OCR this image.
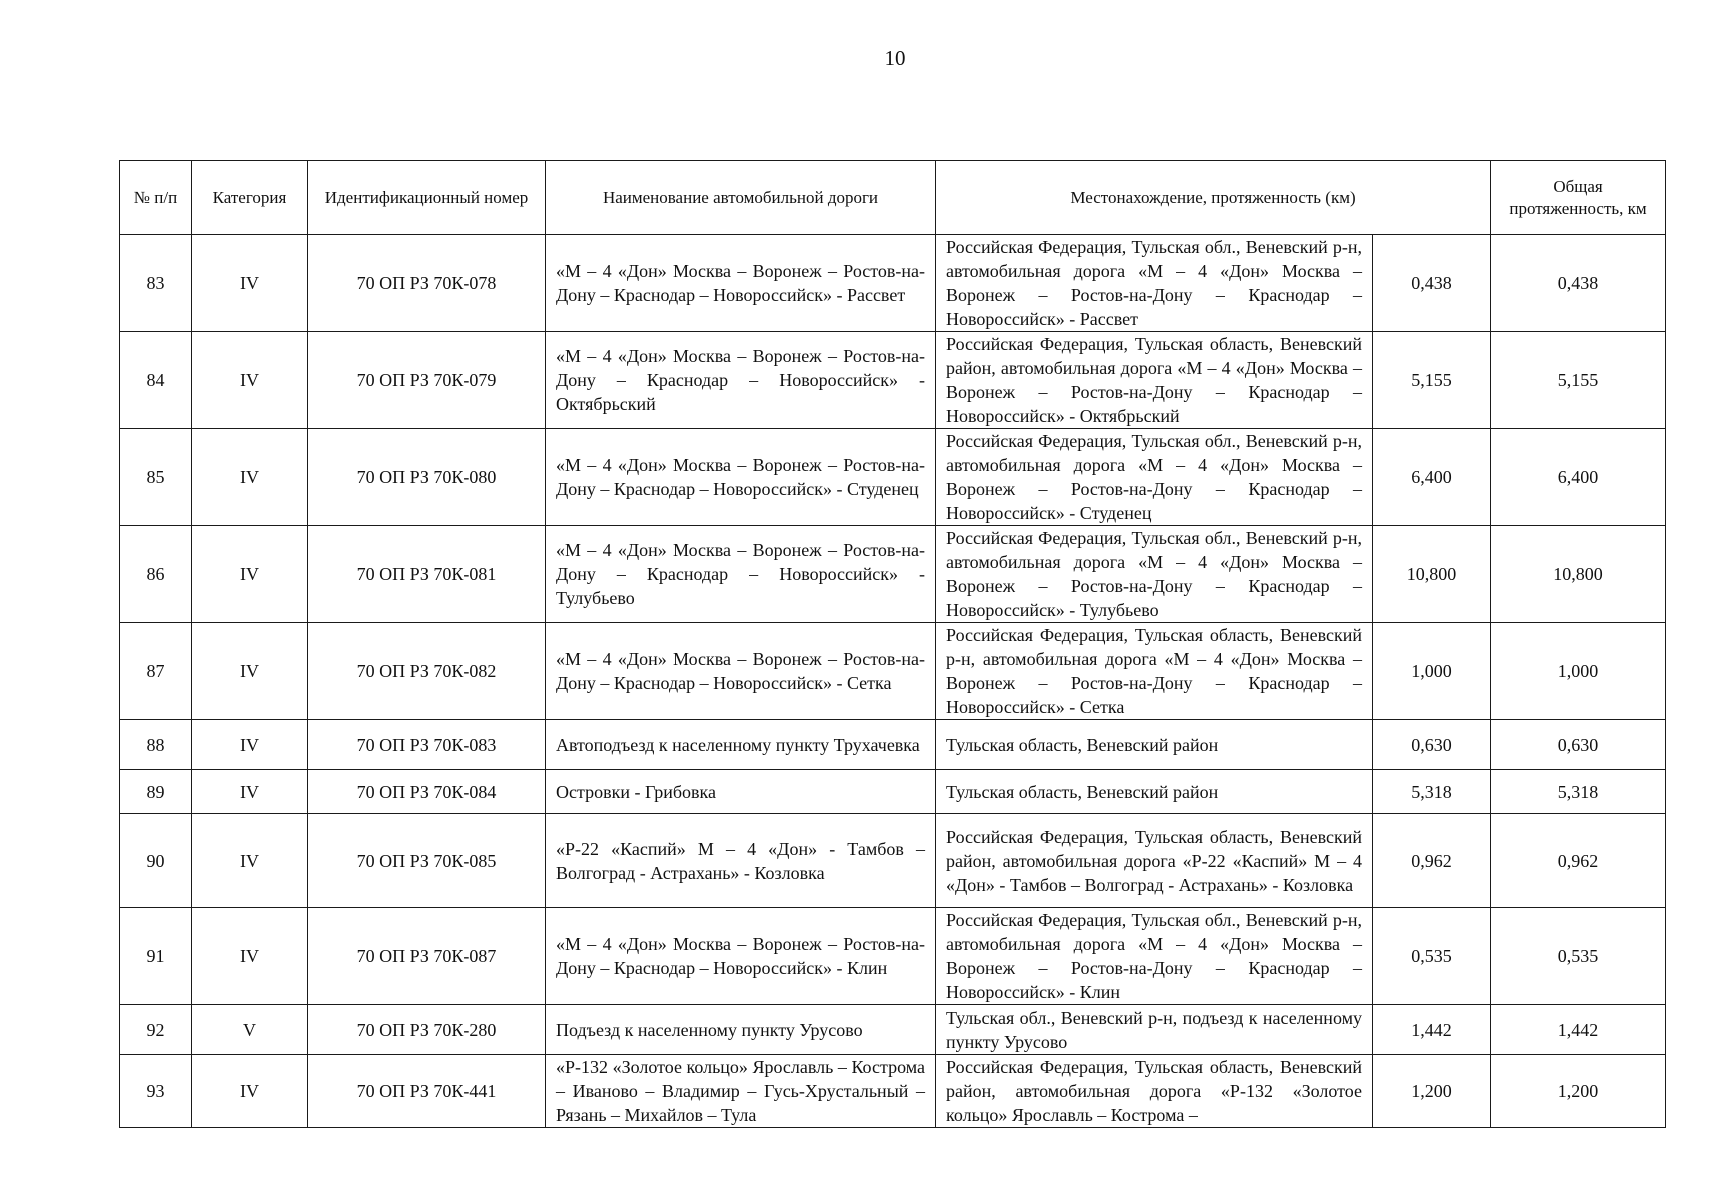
10
№ п/п	Категория	Идентификационный номер	Наименование автомобильной дороги	Местонахождение, протяженность (км)		Общая протяженность, км
83	IV	70 ОП РЗ 70К-078	«М – 4 «Дон» Москва – Воронеж – Ростов-на-Дону – Краснодар – Новороссийск» - Рассвет	Российская Федерация, Тульская обл., Веневский р-н, автомобильная дорога «М – 4 «Дон» Москва – Воронеж – Ростов-на-Дону – Краснодар – Новороссийск» - Рассвет	0,438	0,438
84	IV	70 ОП РЗ 70К-079	«М – 4 «Дон» Москва – Воронеж – Ростов-на-Дону – Краснодар – Новороссийск» - Октябрьский	Российская Федерация, Тульская область, Веневский район, автомобильная дорога «М – 4 «Дон» Москва – Воронеж – Ростов-на-Дону – Краснодар – Новороссийск» - Октябрьский	5,155	5,155
85	IV	70 ОП РЗ 70К-080	«М – 4 «Дон» Москва – Воронеж – Ростов-на-Дону – Краснодар – Новороссийск» - Студенец	Российская Федерация, Тульская обл., Веневский р-н, автомобильная дорога «М – 4 «Дон» Москва – Воронеж – Ростов-на-Дону – Краснодар – Новороссийск» - Студенец	6,400	6,400
86	IV	70 ОП РЗ 70К-081	«М – 4 «Дон» Москва – Воронеж – Ростов-на-Дону – Краснодар – Новороссийск» - Тулубьево	Российская Федерация, Тульская обл., Веневский р-н, автомобильная дорога «М – 4 «Дон» Москва – Воронеж – Ростов-на-Дону – Краснодар – Новороссийск» - Тулубьево	10,800	10,800
87	IV	70 ОП РЗ 70К-082	«М – 4 «Дон» Москва – Воронеж – Ростов-на-Дону – Краснодар – Новороссийск» - Сетка	Российская Федерация, Тульская область, Веневский р-н, автомобильная дорога «М – 4 «Дон» Москва – Воронеж – Ростов-на-Дону – Краснодар – Новороссийск» - Сетка	1,000	1,000
88	IV	70 ОП РЗ 70К-083	Автоподъезд к населенному пункту Трухачевка	Тульская область, Веневский район	0,630	0,630
89	IV	70 ОП РЗ 70К-084	Островки - Грибовка	Тульская область, Веневский район	5,318	5,318
90	IV	70 ОП РЗ 70К-085	«Р-22 «Каспий» М – 4 «Дон» - Тамбов – Волгоград - Астрахань» - Козловка	Российская Федерация, Тульская область, Веневский район, автомобильная дорога «Р-22 «Каспий» М – 4 «Дон» - Тамбов – Волгоград - Астрахань» - Козловка	0,962	0,962
91	IV	70 ОП РЗ 70К-087	«М – 4 «Дон» Москва – Воронеж – Ростов-на-Дону – Краснодар – Новороссийск» - Клин	Российская Федерация, Тульская обл., Веневский р-н, автомобильная дорога «М – 4 «Дон» Москва – Воронеж – Ростов-на-Дону – Краснодар – Новороссийск» - Клин	0,535	0,535
92	V	70 ОП РЗ 70К-280	Подъезд к населенному пункту Урусово	Тульская обл., Веневский р-н, подъезд к населенному пункту Урусово	1,442	1,442
93	IV	70 ОП РЗ 70К-441	«Р-132 «Золотое кольцо» Ярославль – Кострома – Иваново – Владимир – Гусь-Хрустальный – Рязань – Михайлов – Тула	Российская Федерация, Тульская область, Веневский район, автомобильная дорога «Р-132 «Золотое кольцо» Ярославль – Кострома –	1,200	1,200
